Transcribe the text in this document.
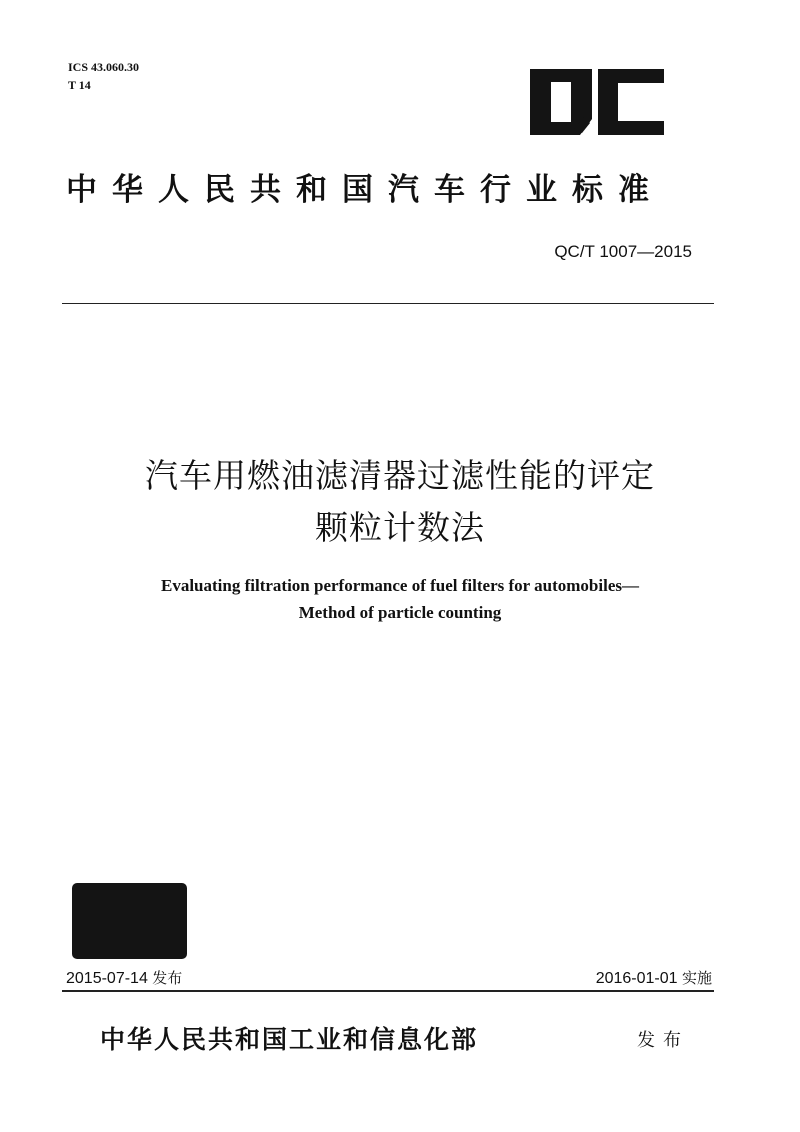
ICS 43.060.30
T 14
中华人民共和国汽车行业标准
QC/T 1007—2015
汽车用燃油滤清器过滤性能的评定
颗粒计数法
Evaluating filtration performance of fuel filters for automobiles—
Method of particle counting
2015-07-14 发布	2016-01-01 实施
中华人民共和国工业和信息化部	发布
